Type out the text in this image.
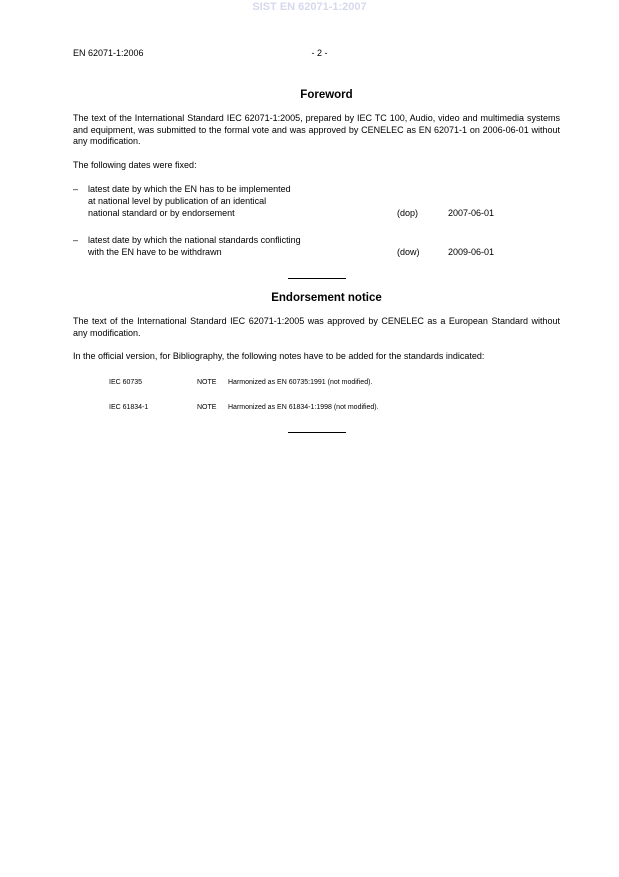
SIST EN 62071-1:2007
EN 62071-1:2006	- 2 -
Foreword
The text of the International Standard IEC 62071-1:2005, prepared by IEC TC 100, Audio, video and multimedia systems and equipment, was submitted to the formal vote and was approved by CENELEC as EN 62071-1 on 2006-06-01 without any modification.
The following dates were fixed:
– latest date by which the EN has to be implemented
at national level by publication of an identical
national standard or by endorsement	(dop)	2007-06-01
– latest date by which the national standards conflicting
with the EN have to be withdrawn	(dow)	2009-06-01
Endorsement notice
The text of the International Standard IEC 62071-1:2005 was approved by CENELEC as a European Standard without any modification.
In the official version, for Bibliography, the following notes have to be added for the standards indicated:
IEC 60735	NOTE Harmonized as EN 60735:1991 (not modified).
IEC 61834-1	NOTE Harmonized as EN 61834-1:1998 (not modified).
